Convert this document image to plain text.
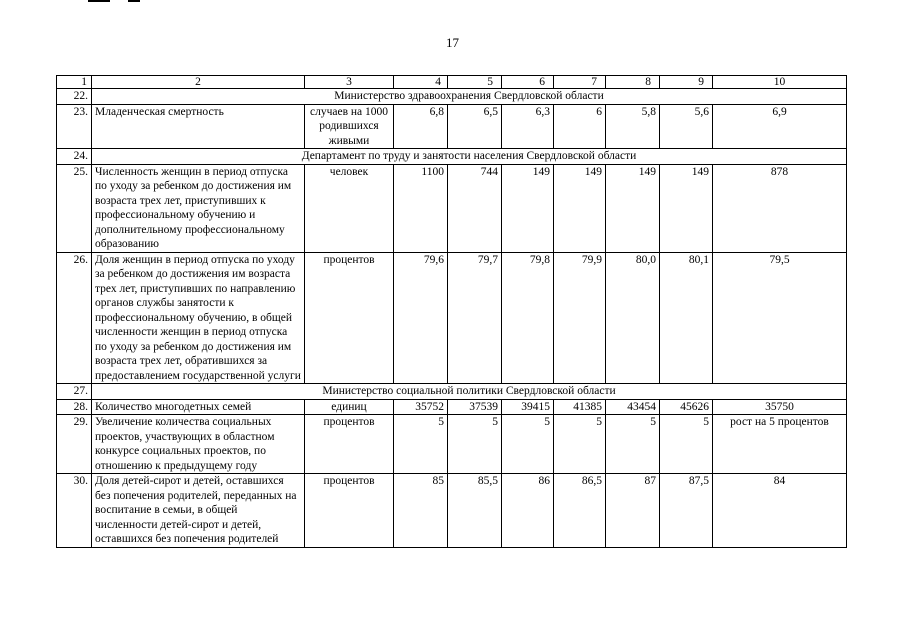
17
1	2	3	4	5	6	7	8	9	10
22.	Министерство здравоохранения Свердловской области								
23.	Младенческая смертность	случаев на 1000 родившихся живыми	6,8	6,5	6,3	6	5,8	5,6	6,9
24.	Департамент по труду и занятости населения Свердловской области								
25.	Численность женщин в период отпуска по уходу за ребенком до достижения им возраста трех лет, приступивших к профессиональному обучению и дополнительному профессиональному образованию	человек	1100	744	149	149	149	149	878
26.	Доля женщин в период отпуска по уходу за ребенком до достижения им возраста трех лет, приступивших по направлению органов службы занятости к профессиональному обучению, в общей численности женщин в период отпуска по уходу за ребенком до достижения им возраста трех лет, обратившихся за предоставлением государственной услуги	процентов	79,6	79,7	79,8	79,9	80,0	80,1	79,5
27.	Министерство социальной политики Свердловской области								
28.	Количество многодетных семей	единиц	35752	37539	39415	41385	43454	45626	35750
29.	Увеличение количества социальных проектов, участвующих в областном конкурсе социальных проектов, по отношению к предыдущему году	процентов	5	5	5	5	5	5	рост на 5 процентов
30.	Доля детей-сирот и детей, оставшихся без попечения родителей, переданных на воспитание в семьи, в общей численности детей-сирот и детей, оставшихся без попечения родителей	процентов	85	85,5	86	86,5	87	87,5	84
